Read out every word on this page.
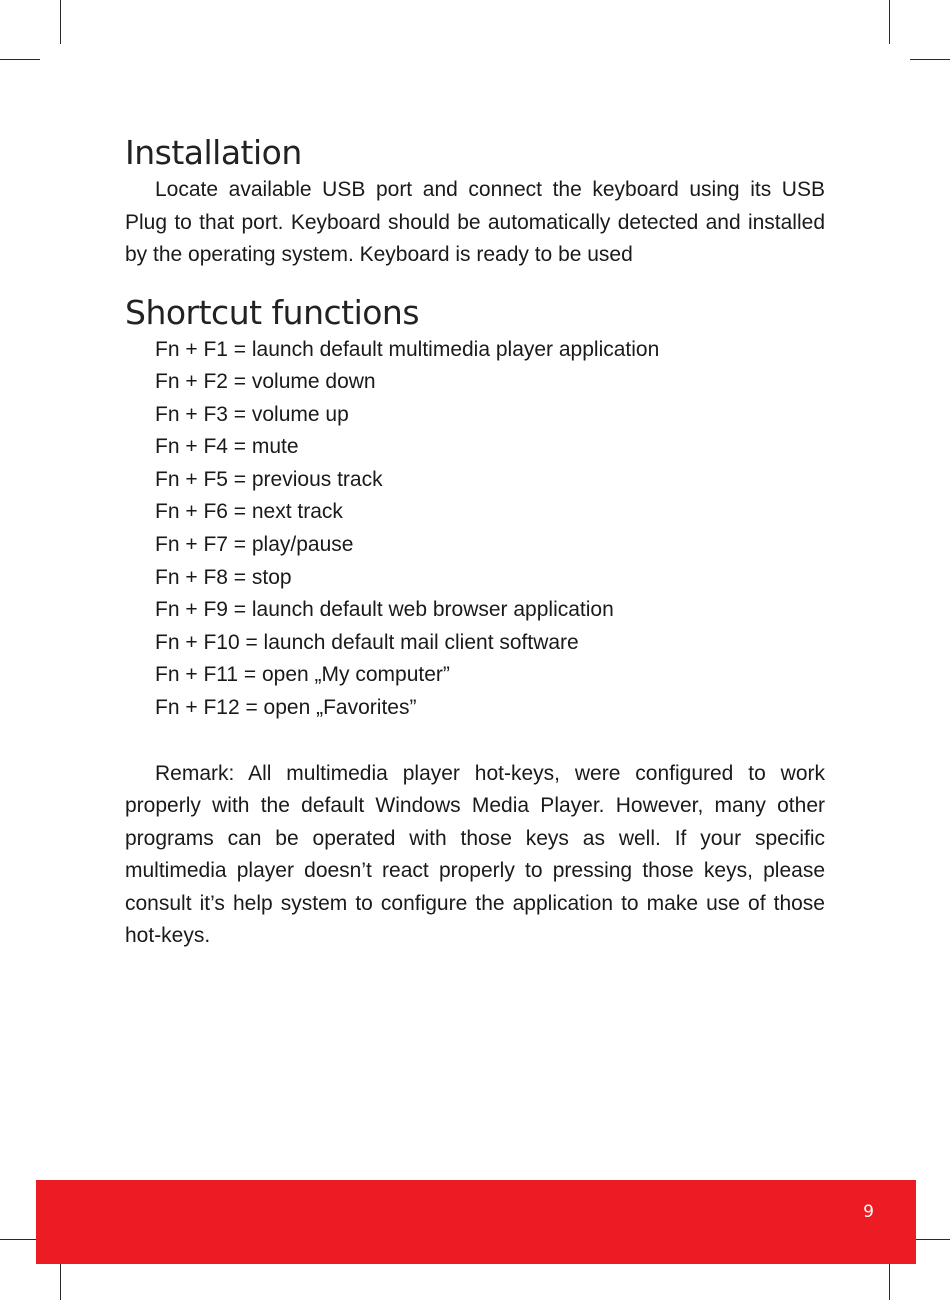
Installation

Locate available USB port and connect the keyboard using its USB Plug to that port. Keyboard should be automatically detected and installed by the operating system. Keyboard is ready to be used

Shortcut functions
Fn + F1 = launch default multimedia player application
Fn + F2 = volume down
Fn + F3 = volume up
Fn + F4 = mute
Fn + F5 = previous track
Fn + F6 = next track
Fn + F7 = play/pause
Fn + F8 = stop
Fn + F9 = launch default web browser application
Fn + F10 = launch default mail client software
Fn + F11 = open „My computer”
Fn + F12 = open „Favorites”

Remark: All multimedia player hot-keys, were configured to work properly with the default Windows Media Player. However, many other programs can be operated with those keys as well. If your specific multimedia player doesn’t react properly to pressing those keys, please consult it’s help system to configure the application to make use of those hot-keys.

9
